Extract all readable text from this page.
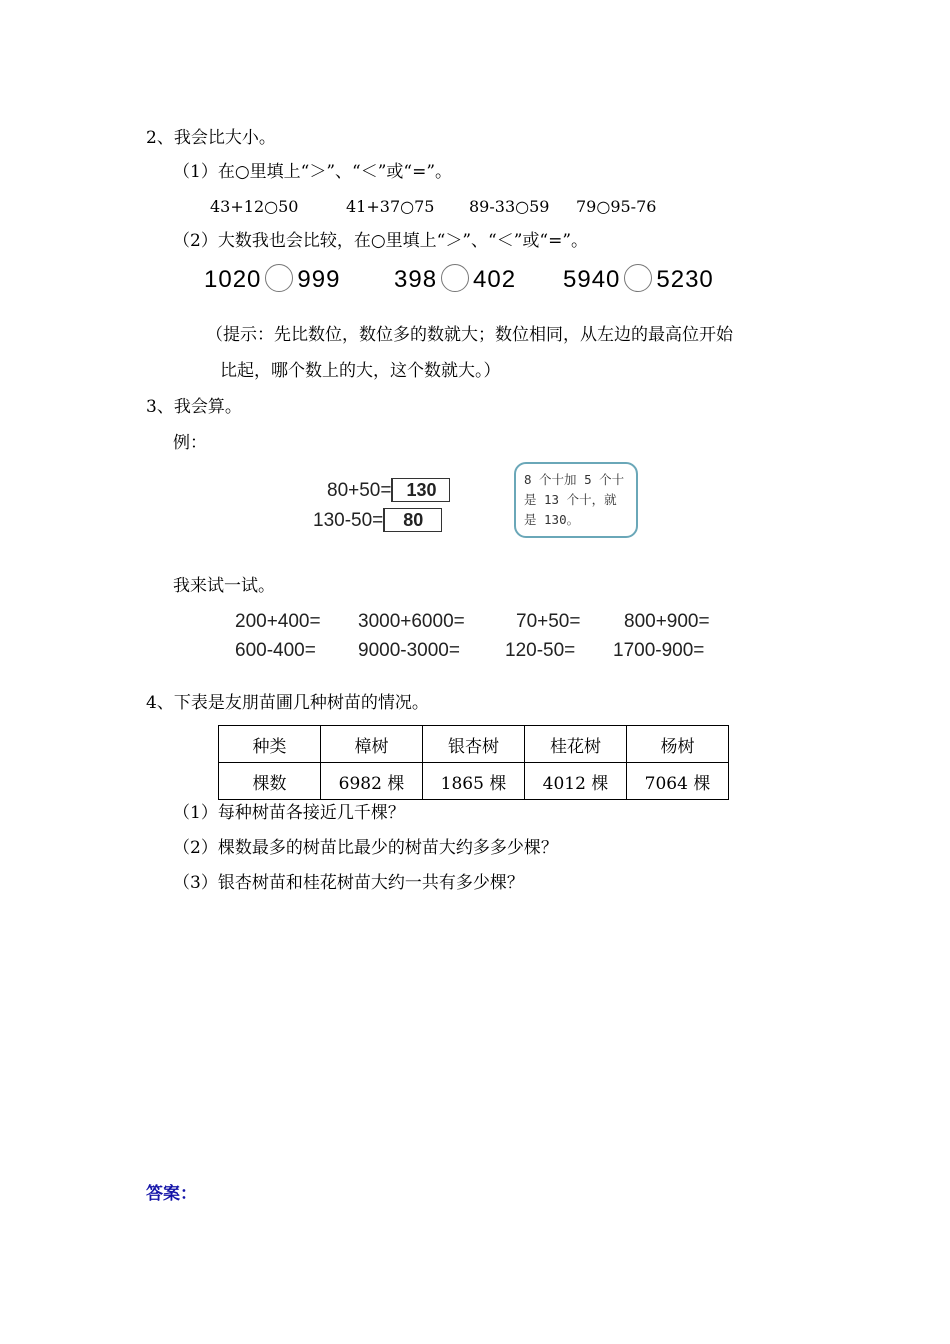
2、我会比大小。
（1）在○里填上“＞”、“＜”或“=”。
43+12○50	41+37○75 89-33○59 79○95-76
（2）大数我也会比较，在○里填上“＞”、“＜”或“=”。
1020 999 398 402 5940 5230
（提示：先比数位，数位多的数就大；数位相同，从左边的最高位开始
比起，哪个数上的大，这个数就大。）
3、我会算。
例：
80+50= 130
130-50= 80
8 个十加 5 个十
是 13 个十，就
是 130。
我来试一试。
200+400= 3000+6000=	70+50= 800+900=
600-400= 9000-3000= 120-50= 1700-900=
4、下表是友朋苗圃几种树苗的情况。
种类	樟树	银杏树	桂花树	杨树
棵数	6982 棵	1865 棵	4012 棵	7064 棵
（1）每种树苗各接近几千棵？
（2）棵数最多的树苗比最少的树苗大约多多少棵？
（3）银杏树苗和桂花树苗大约一共有多少棵？
答案：
